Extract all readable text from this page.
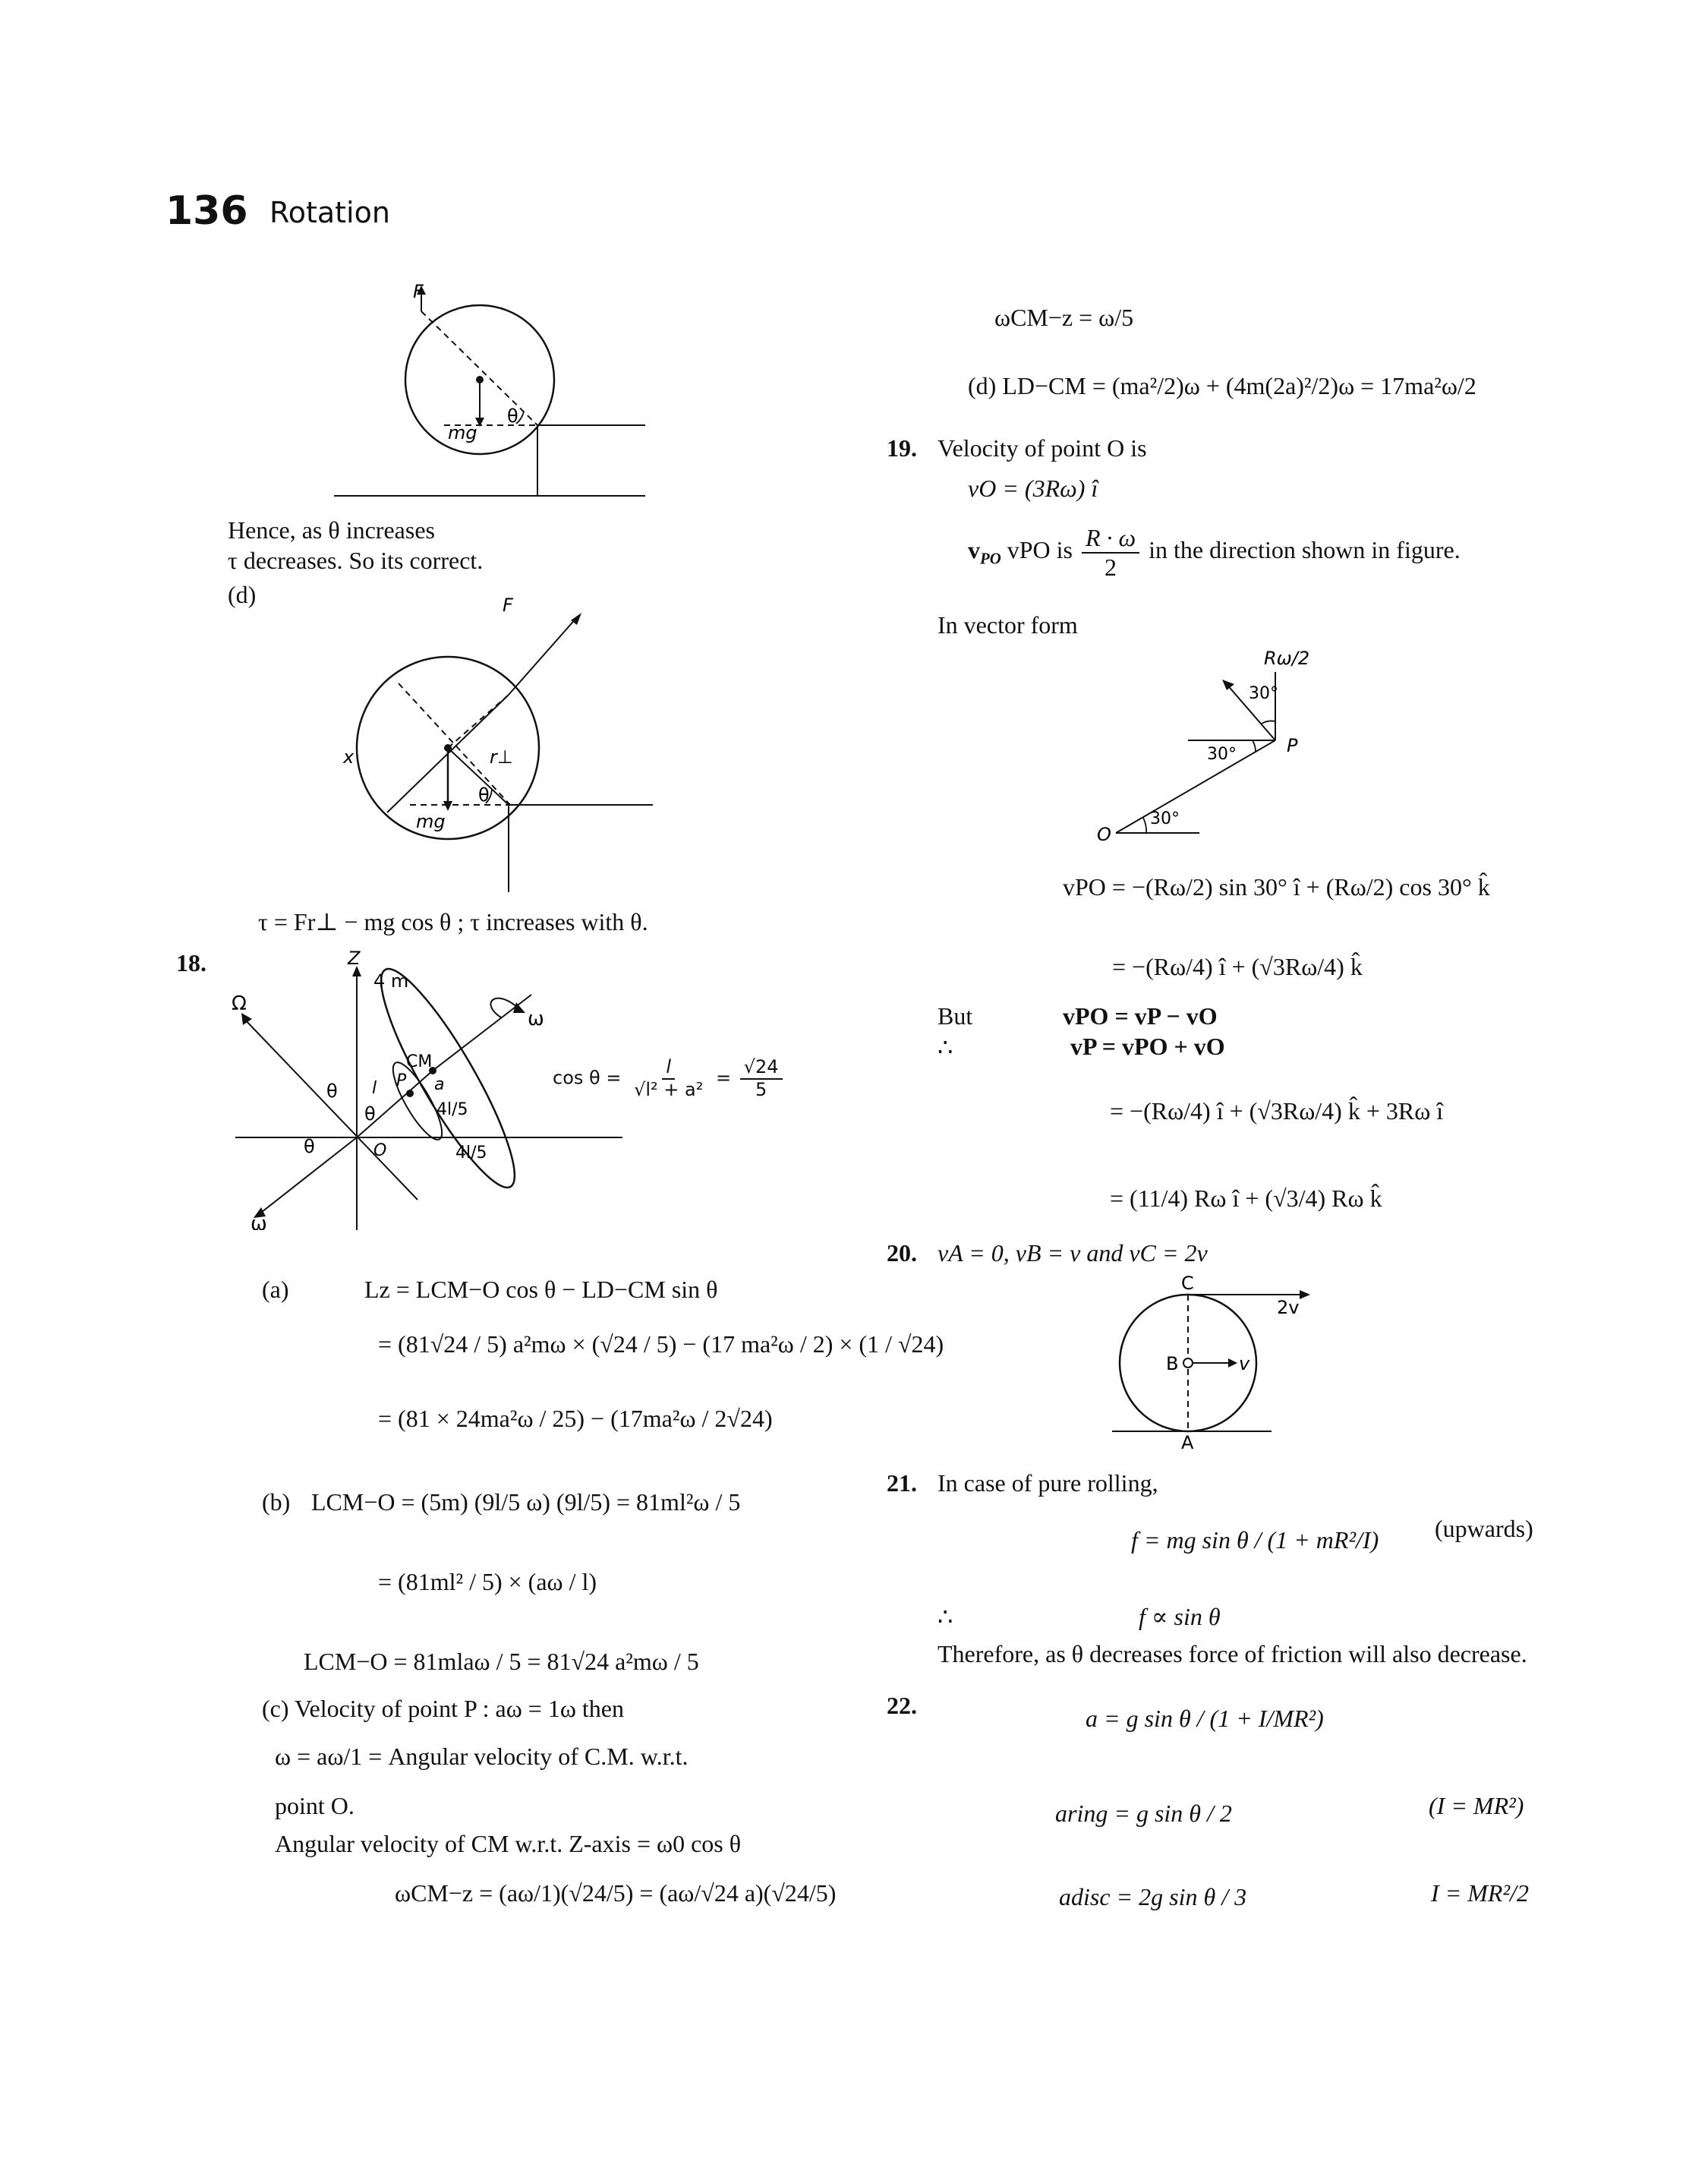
136 Rotation
F
mg
θ
Hence, as θ increases
τ decreases. So its correct.
(d)	F
x	r⊥
mg
θ
τ = Fr⊥ − mg cos θ ; τ increases with θ.
18.	Z
4 m
Ω
ω
ω
CM
θ
θ
θ
l P a
O
4l/5
4l/5
$\cos \theta = \frac{l}{\text{√l² + a²}} = \frac{√24}{5}$
(a)	Lz = LCM−O cos θ − LD−CM sin θ
= (81√24 / 5) a²mω × (√24 / 5) − (17 ma²ω / 2) × (1 / √24)
= (81 × 24ma²ω / 25) − (17ma²ω / 2√24)
(b) LCM−O = (5m) (9l/5 ω) (9l/5) = 81ml²ω / 5
= (81ml² / 5) × (aω / l)
LCM−O = 81mlaω / 5 = 81√24 a²mω / 5
(c) Velocity of point P : aω = 1ω then
ω = aω/1 = Angular velocity of C.M. w.r.t.
point O.
Angular velocity of CM w.r.t. Z-axis = ω0 cos θ
ωCM−z = (aω/1)(√24/5) = (aω/√24 a)(√24/5)
ωCM−z = ω/5
(d) LD−CM = (ma²/2)ω + (4m(2a)²/2)ω = 17ma²ω/2
19. Velocity of point O is
vO = (3Rω) î
$v_{PO}$ vPO is $\frac{R \cdot \omega}{2}$ in the direction shown in figure.
In vector form
Rω/2
30°
30°	P
30°
O
vPO = −(Rω/2) sin 30° î + (Rω/2) cos 30° k̂
= −(Rω/4) î + (√3Rω/4) k̂
But	vPO = vP − vO
∴	vP = vPO + vO
= −(Rω/4) î + (√3Rω/4) k̂ + 3Rω î
= (11/4) Rω î + (√3/4) Rω k̂
20. vA = 0, vB = v and vC = 2v
C
2v
B	v
A
21. In case of pure rolling,
f = mg sin θ / (1 + mR²/I) (upwards)
∴	f ∝ sin θ
Therefore, as θ decreases force of friction will also decrease.
22.	a = g sin θ / (1 + I/MR²)
aring = g sin θ / 2	(I = MR²)
adisc = 2g sin θ / 3	I = MR²/2
